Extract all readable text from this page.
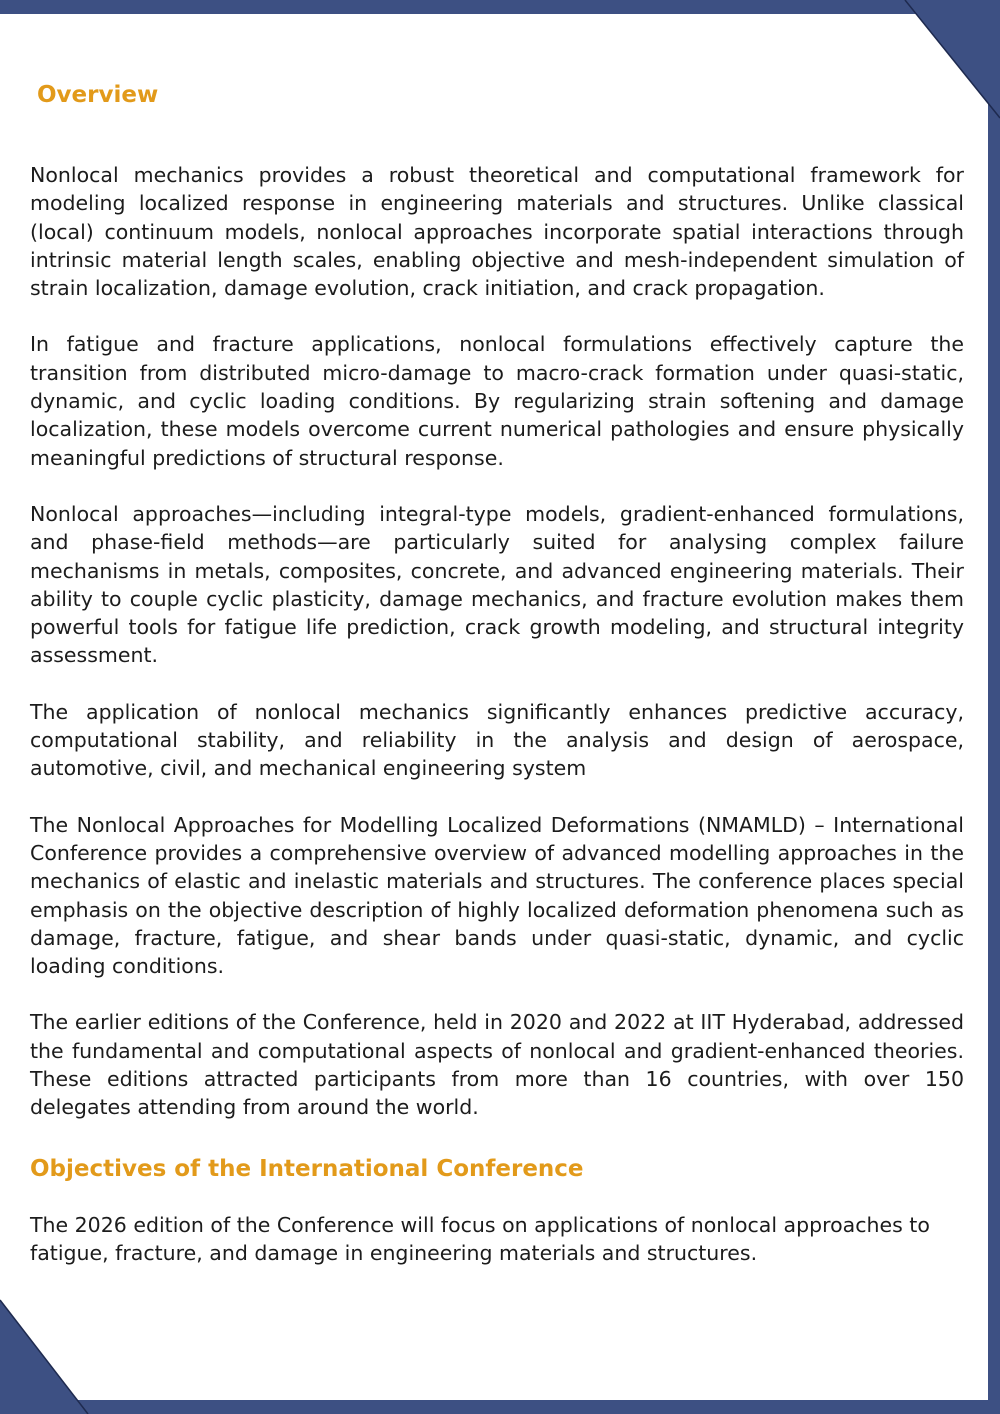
Overview

Nonlocal mechanics provides a robust theoretical and computational framework for modeling localized response in engineering materials and structures. Unlike classical (local) continuum models, nonlocal approaches incorporate spatial interactions through intrinsic material length scales, enabling objective and mesh-independent simulation of strain localization, damage evolution, crack initiation, and crack propagation.

In fatigue and fracture applications, nonlocal formulations effectively capture the transition from distributed micro-damage to macro-crack formation under quasi-static, dynamic, and cyclic loading conditions. By regularizing strain softening and damage localization, these models overcome current numerical pathologies and ensure physically meaningful predictions of structural response.

Nonlocal approaches—including integral-type models, gradient-enhanced formulations, and phase-field methods—are particularly suited for analysing complex failure mechanisms in metals, composites, concrete, and advanced engineering materials. Their ability to couple cyclic plasticity, damage mechanics, and fracture evolution makes them powerful tools for fatigue life prediction, crack growth modeling, and structural integrity assessment.

The application of nonlocal mechanics significantly enhances predictive accuracy, computational stability, and reliability in the analysis and design of aerospace, automotive, civil, and mechanical engineering system

The Nonlocal Approaches for Modelling Localized Deformations (NMAMLD) – International Conference provides a comprehensive overview of advanced modelling approaches in the mechanics of elastic and inelastic materials and structures. The conference places special emphasis on the objective description of highly localized deformation phenomena such as damage, fracture, fatigue, and shear bands under quasi-static, dynamic, and cyclic loading conditions.

The earlier editions of the Conference, held in 2020 and 2022 at IIT Hyderabad, addressed the fundamental and computational aspects of nonlocal and gradient-enhanced theories. These editions attracted participants from more than 16 countries, with over 150 delegates attending from around the world.

Objectives of the International Conference

The 2026 edition of the Conference will focus on applications of nonlocal approaches to fatigue, fracture, and damage in engineering materials and structures.
